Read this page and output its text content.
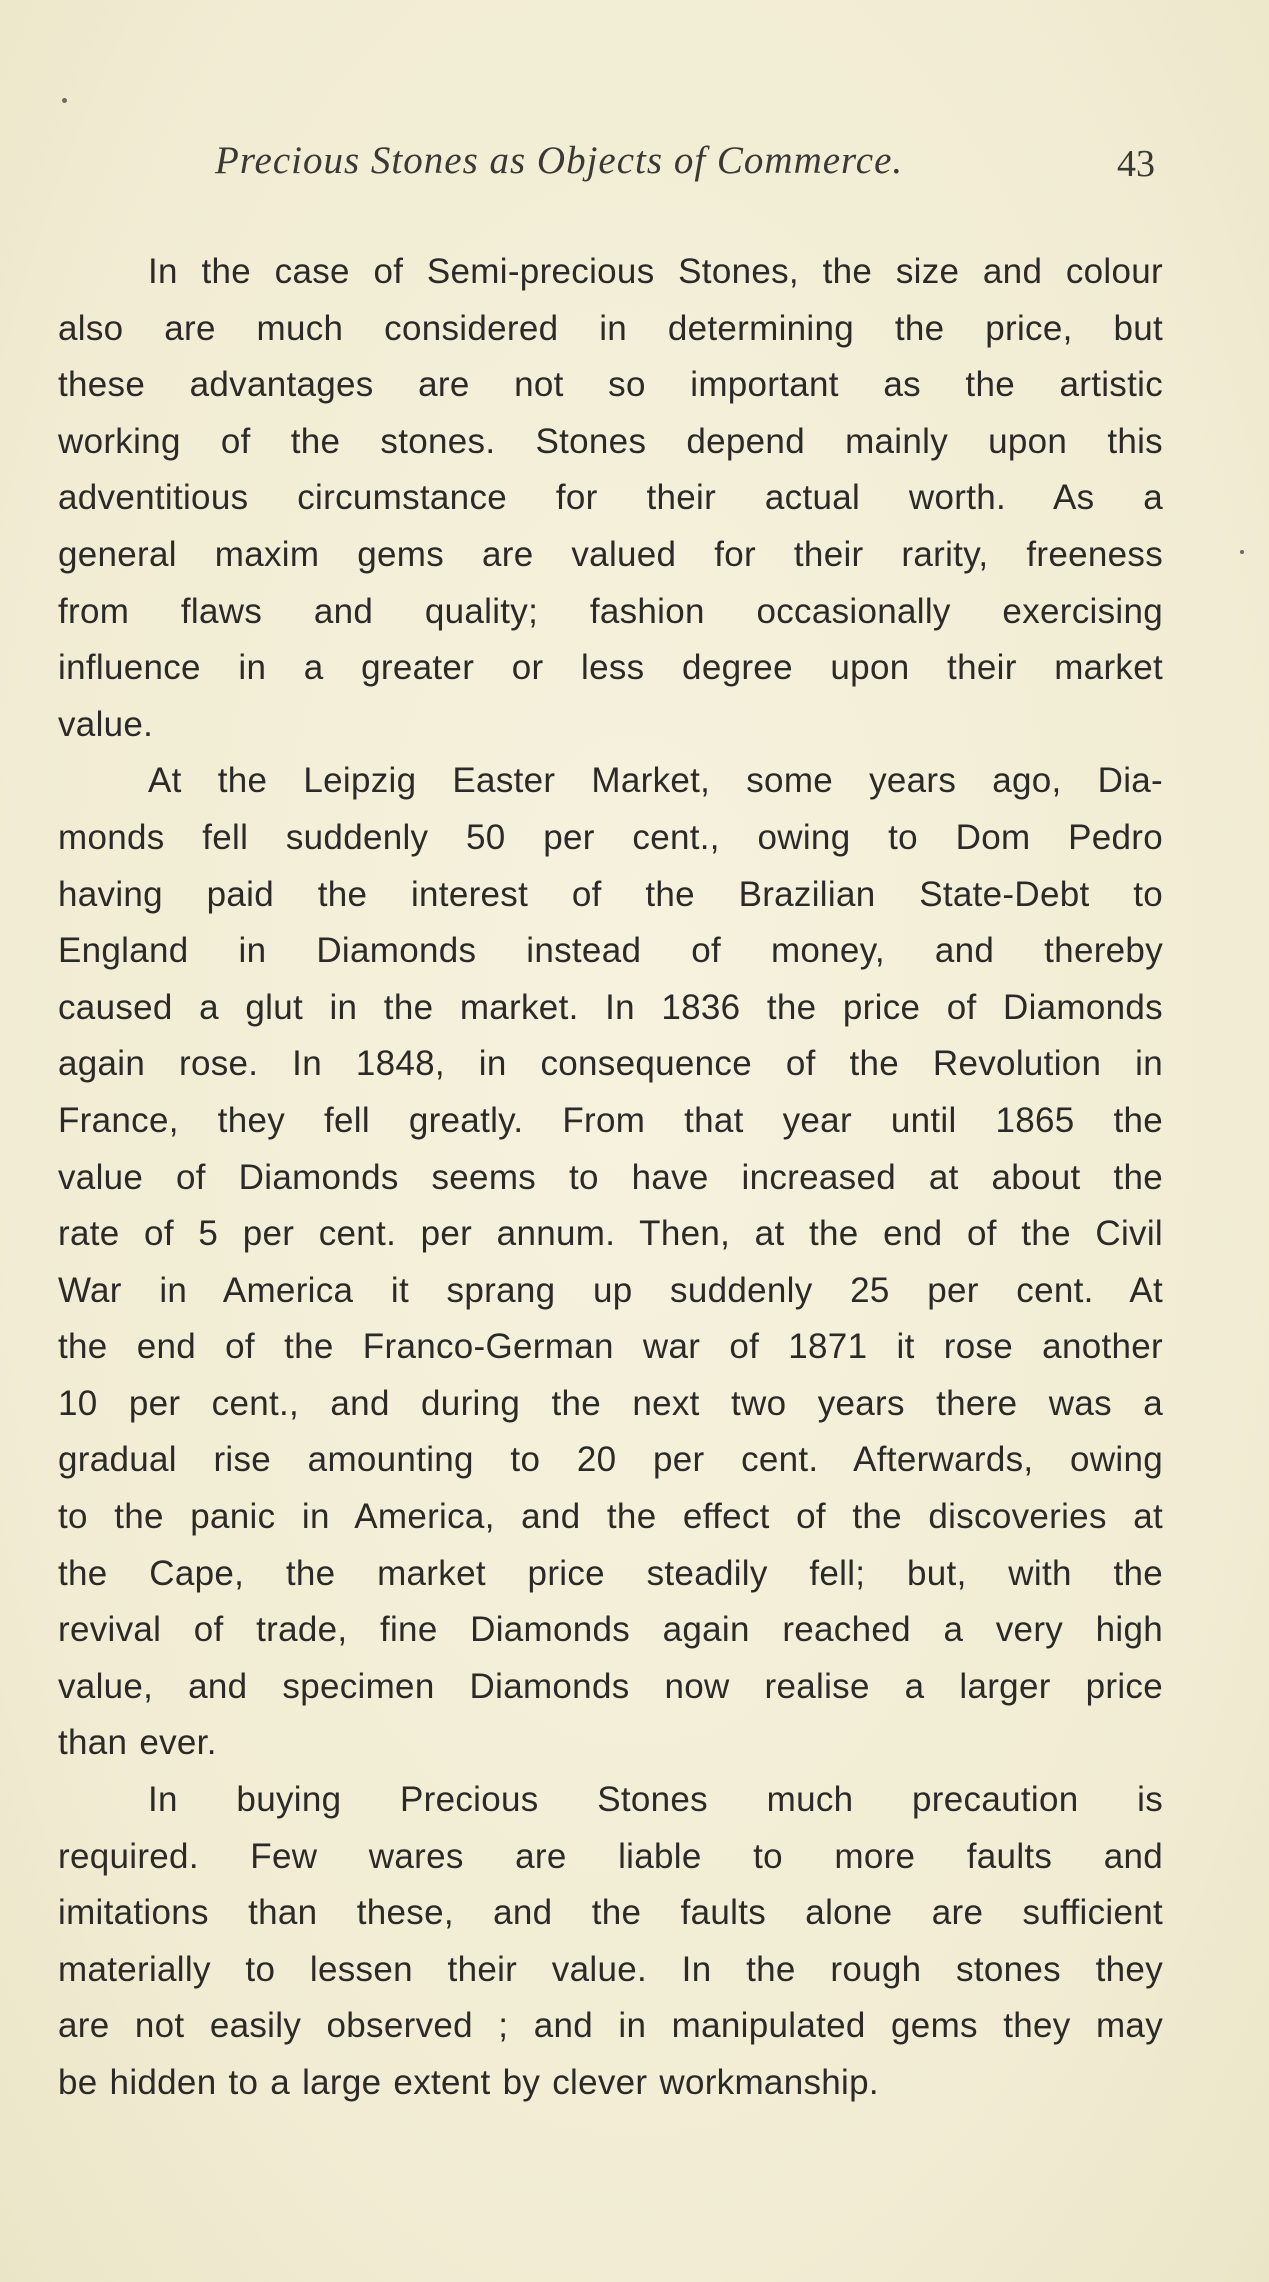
Precious Stones as Objects of Commerce.	43
In the case of Semi-precious Stones, the size and colour
also are much considered in determining the price, but
these advantages are not so important as the artistic
working of the stones. Stones depend mainly upon this
adventitious circumstance for their actual worth. As a
general maxim gems are valued for their rarity, freeness
from flaws and quality; fashion occasionally exercising
influence in a greater or less degree upon their market
value.
At the Leipzig Easter Market, some years ago, Dia-
monds fell suddenly 50 per cent., owing to Dom Pedro
having paid the interest of the Brazilian State-Debt to
England in Diamonds instead of money, and thereby
caused a glut in the market. In 1836 the price of Diamonds
again rose. In 1848, in consequence of the Revolution in
France, they fell greatly. From that year until 1865 the
value of Diamonds seems to have increased at about the
rate of 5 per cent. per annum. Then, at the end of the Civil
War in America it sprang up suddenly 25 per cent. At
the end of the Franco-German war of 1871 it rose another
10 per cent., and during the next two years there was a
gradual rise amounting to 20 per cent. Afterwards, owing
to the panic in America, and the effect of the discoveries at
the Cape, the market price steadily fell; but, with the
revival of trade, fine Diamonds again reached a very high
value, and specimen Diamonds now realise a larger price
than ever.
In buying Precious Stones much precaution is
required. Few wares are liable to more faults and
imitations than these, and the faults alone are sufficient
materially to lessen their value. In the rough stones they
are not easily observed ; and in manipulated gems they may
be hidden to a large extent by clever workmanship.
